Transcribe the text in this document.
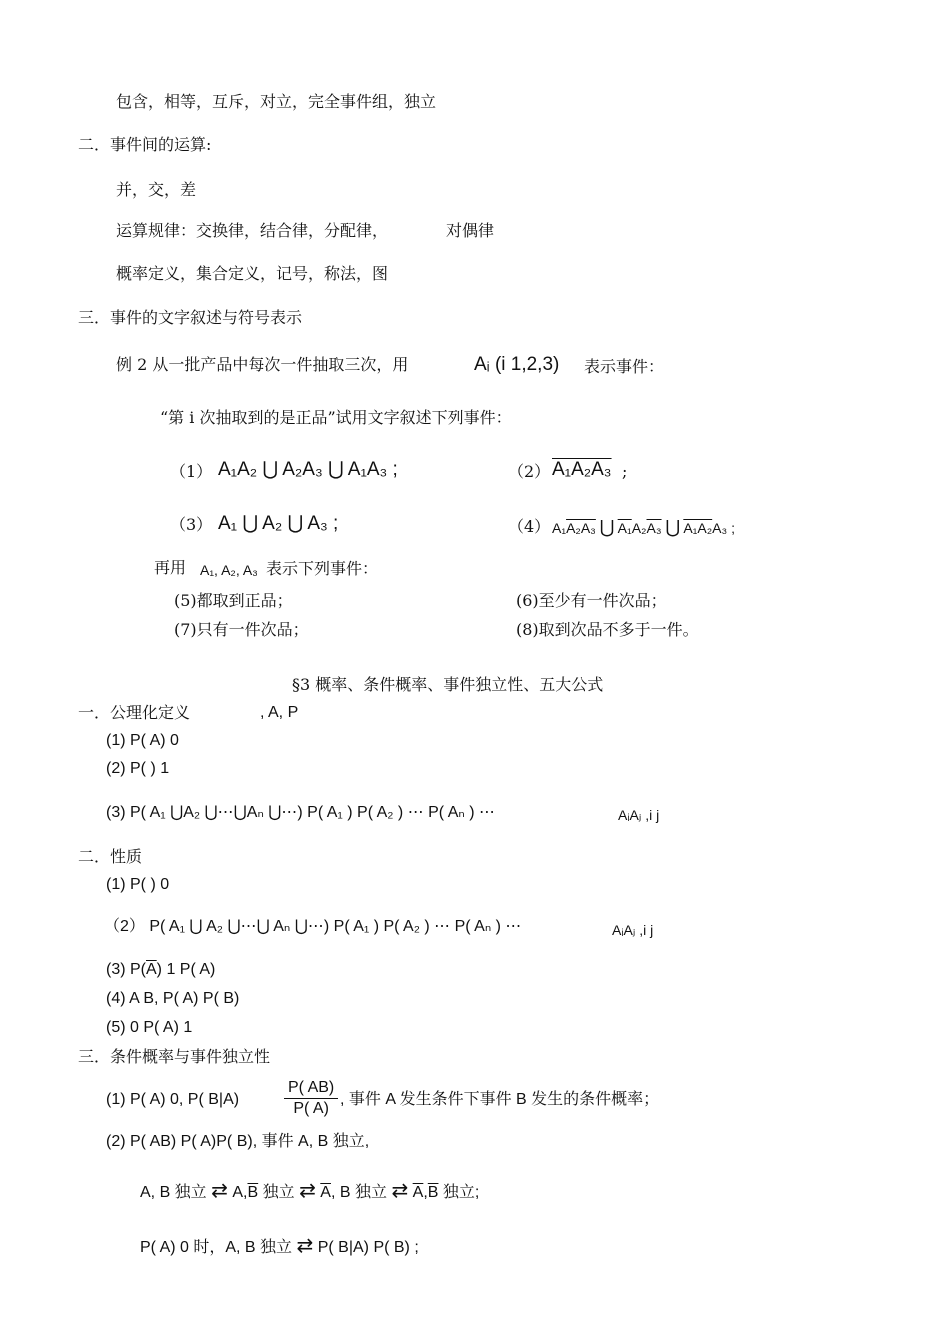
包含，相等，互斥，对立，完全事件组，独立
二．事件间的运算:
并，交，差
运算规律：交换律，结合律，分配律，	对偶律
概率定义，集合定义，记号，称法，图
三．事件的文字叙述与符号表示
例 2 从一批产品中每次一件抽取三次，用	Aᵢ (i 1,2,3) 表示事件：
“第 i 次抽取到的是正品”试用文字叙述下列事件：
（1） A₁A₂ ⋃ A₂A₃ ⋃ A₁A₃ ;	（2） A₁A₂A₃ ;
（3） A₁ ⋃ A₂ ⋃ A₃ ;	（4） A₁A₂A₃ ⋃ A₁A₂A₃ ⋃ A₁A₂A₃ ;
再用 A₁, A₂, A₃ 表示下列事件：
(5)都取到正品；	(6)至少有一件次品；
(7)只有一件次品；	(8)取到次品不多于一件。
§3 概率、条件概率、事件独立性、五大公式
一．公理化定义	, A, P
(1) P( A) 0
(2) P( ) 1
(3) P( A₁ ⋃A₂ ⋃⋯⋃Aₙ ⋃⋯) P( A₁ ) P( A₂ ) ⋯ P( Aₙ ) ⋯	AᵢAⱼ ,i j
二．性质
(1) P( ) 0
（2） P( A₁ ⋃ A₂ ⋃⋯⋃ Aₙ ⋃⋯) P( A₁ ) P( A₂ ) ⋯ P( Aₙ ) ⋯	AᵢAⱼ ,i j
(3) $P(\overline{A})$ 1 P( A)
(4) A B, P( A) P( B)
(5) 0 P( A) 1
三．条件概率与事件独立性
(1) P( A) 0, P( B|A)	$\frac{P( AB)}{P( A)}$ , 事件 A 发生条件下事件 B 发生的条件概率；
(2) P( AB) P( A)P( B), 事件 A, B 独立,
A, B 独立 ⇄ $A,\overline{B}$ 独立 ⇄ $\overline{A}$, B 独立 ⇄ $\overline{A},\overline{B}$ 独立;
P( A) 0 时，A, B 独立 ⇄ P( B|A) P( B) ;
